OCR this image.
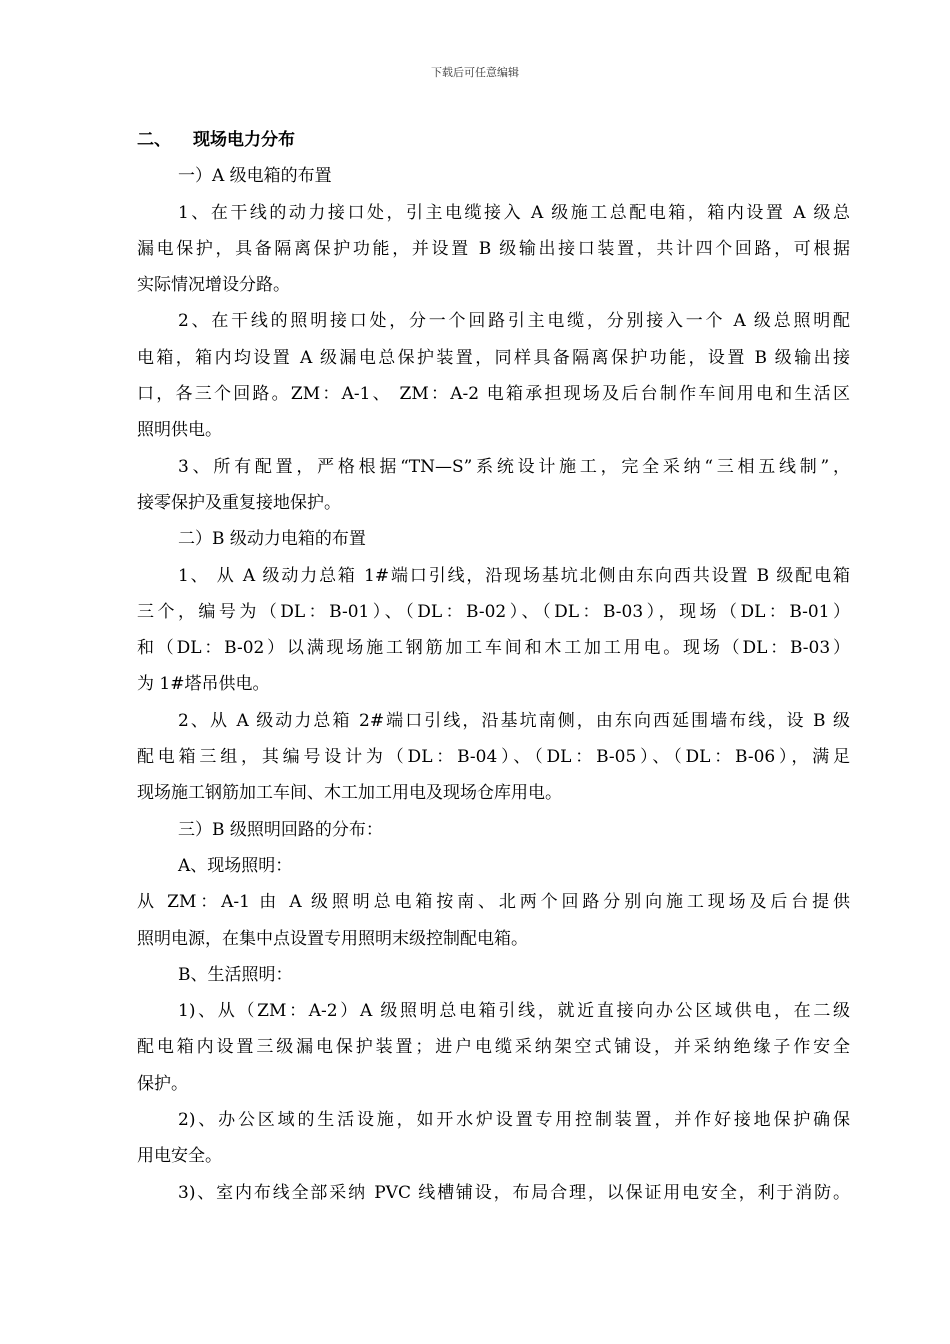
下载后可任意编辑
二、 现场电力分布
一）A 级电箱的布置
1、在干线的动力接口处，引主电缆接入 A 级施工总配电箱，箱内设置 A 级总
漏电保护，具备隔离保护功能，并设置 B 级输出接口装置，共计四个回路，可根据
实际情况增设分路。
2、在干线的照明接口处，分一个回路引主电缆，分别接入一个 A 级总照明配
电箱，箱内均设置 A 级漏电总保护装置，同样具备隔离保护功能，设置 B 级输出接
口，各三个回路。ZM：A-1、 ZM：A-2 电箱承担现场及后台制作车间用电和生活区
照明供电。
3、所有配置，严格根据“TN—S”系统设计施工，完全采纳“三相五线制”，
接零保护及重复接地保护。
二）B 级动力电箱的布置
1、 从 A 级动力总箱 1#端口引线，沿现场基坑北侧由东向西共设置 B 级配电箱
三个，编号为（DL：B-01）、（DL：B-02）、（DL：B-03），现场（DL：B-01）
和（DL：B-02）以满现场施工钢筋加工车间和木工加工用电。现场（DL：B-03）
为 1#塔吊供电。
2、从 A 级动力总箱 2#端口引线，沿基坑南侧，由东向西延围墙布线，设 B 级
配电箱三组，其编号设计为（DL：B-04）、（DL：B-05）、（DL：B-06），满足
现场施工钢筋加工车间、木工加工用电及现场仓库用电。
三）B 级照明回路的分布：
A、现场照明：
从 ZM：A-1 由 A 级照明总电箱按南、北两个回路分别向施工现场及后台提供
照明电源，在集中点设置专用照明末级控制配电箱。
B、生活照明：
1)、从（ZM：A-2）A 级照明总电箱引线，就近直接向办公区域供电，在二级
配电箱内设置三级漏电保护装置；进户电缆采纳架空式铺设，并采纳绝缘子作安全
保护。
2)、办公区域的生活设施，如开水炉设置专用控制装置，并作好接地保护确保
用电安全。
3)、室内布线全部采纳 PVC 线槽铺设，布局合理，以保证用电安全，利于消防。
